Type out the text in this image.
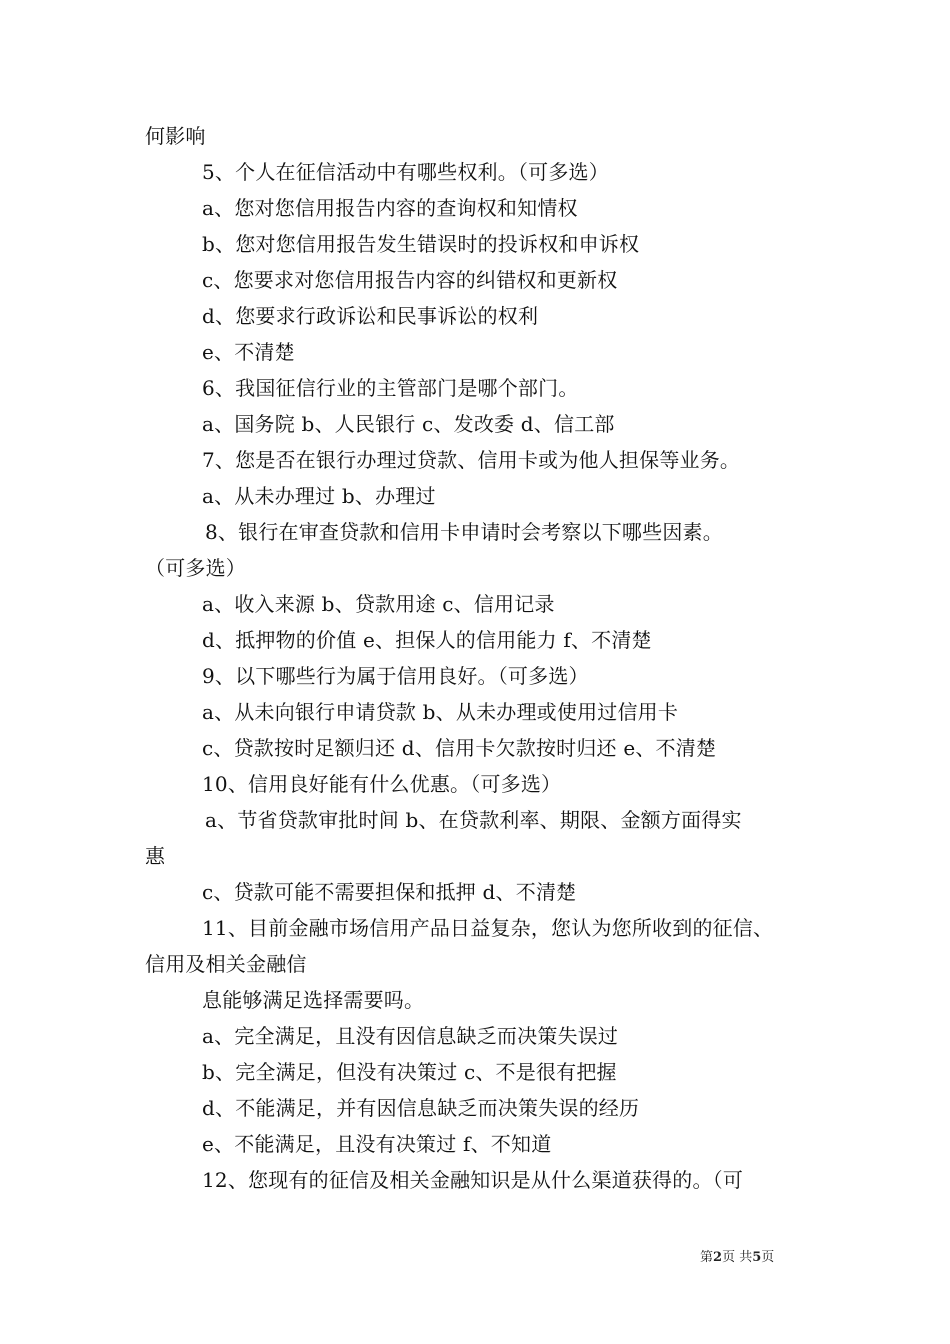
何影响
5、个人在征信活动中有哪些权利。（可多选）
a、您对您信用报告内容的查询权和知情权
b、您对您信用报告发生错误时的投诉权和申诉权
c、您要求对您信用报告内容的纠错权和更新权
d、您要求行政诉讼和民事诉讼的权利
e、不清楚
6、我国征信行业的主管部门是哪个部门。
a、国务院 b、人民银行 c、发改委 d、信工部
7、您是否在银行办理过贷款、信用卡或为他人担保等业务。
a、从未办理过 b、办理过
8、银行在审查贷款和信用卡申请时会考察以下哪些因素。
（可多选）
a、收入来源 b、贷款用途 c、信用记录
d、抵押物的价值 e、担保人的信用能力 f、不清楚
9、以下哪些行为属于信用良好。（可多选）
a、从未向银行申请贷款 b、从未办理或使用过信用卡
c、贷款按时足额归还 d、信用卡欠款按时归还 e、不清楚
10、信用良好能有什么优惠。（可多选）
a、节省贷款审批时间 b、在贷款利率、期限、金额方面得实
惠
c、贷款可能不需要担保和抵押 d、不清楚
11、目前金融市场信用产品日益复杂，您认为您所收到的征信、
信用及相关金融信
息能够满足选择需要吗。
a、完全满足，且没有因信息缺乏而决策失误过
b、完全满足，但没有决策过 c、不是很有把握
d、不能满足，并有因信息缺乏而决策失误的经历
e、不能满足，且没有决策过 f、不知道
12、您现有的征信及相关金融知识是从什么渠道获得的。（可
第2页 共5页
